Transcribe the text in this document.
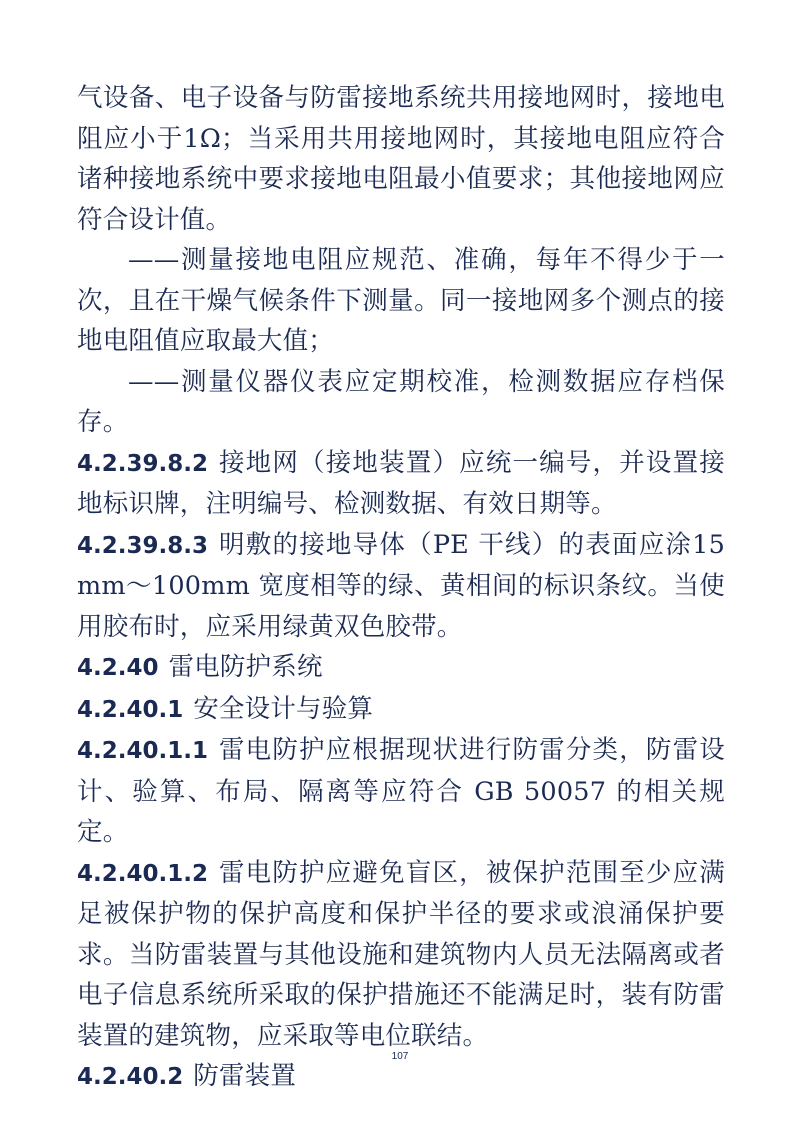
气设备、电子设备与防雷接地系统共用接地网时，接地电阻应小于1Ω；当采用共用接地网时，其接地电阻应符合诸种接地系统中要求接地电阻最小值要求；其他接地网应符合设计值。

——测量接地电阻应规范、准确，每年不得少于一次，且在干燥气候条件下测量。同一接地网多个测点的接地电阻值应取最大值；

——测量仪器仪表应定期校准，检测数据应存档保存。

4.2.39.8.2 接地网（接地装置）应统一编号，并设置接地标识牌，注明编号、检测数据、有效日期等。

4.2.39.8.3 明敷的接地导体（PE 干线）的表面应涂15mm～100mm 宽度相等的绿、黄相间的标识条纹。当使用胶布时，应采用绿黄双色胶带。

4.2.40 雷电防护系统

4.2.40.1 安全设计与验算

4.2.40.1.1 雷电防护应根据现状进行防雷分类，防雷设计、验算、布局、隔离等应符合 GB 50057 的相关规定。

4.2.40.1.2 雷电防护应避免盲区，被保护范围至少应满足被保护物的保护高度和保护半径的要求或浪涌保护要求。当防雷装置与其他设施和建筑物内人员无法隔离或者电子信息系统所采取的保护措施还不能满足时，装有防雷装置的建筑物，应采取等电位联结。

4.2.40.2 防雷装置

107
